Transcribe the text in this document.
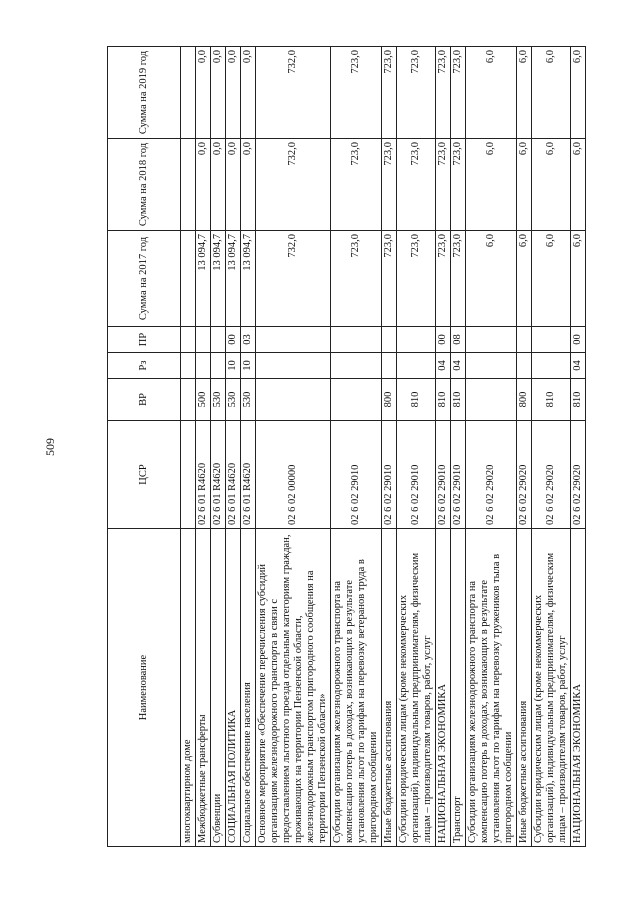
509
Наименование	ЦСР	ВР	Рз	ПР	Сумма на 2017 год	Сумма на 2018 год	Сумма на 2019 год
многоквартирном доме							
Межбюджетные трансферты	02 6 01 R4620	500			13 094,7	0,0	0,0
Субвенции	02 6 01 R4620	530			13 094,7	0,0	0,0
СОЦИАЛЬНАЯ ПОЛИТИКА	02 6 01 R4620	530	10	00	13 094,7	0,0	0,0
Социальное обеспечение населения	02 6 01 R4620	530	10	03	13 094,7	0,0	0,0
Основное мероприятие «Обеспечение перечисления субсидий организациям железнодорожного транспорта в связи с предоставлением льготного проезда отдельным категориям граждан, проживающих на территории Пензенской области, железнодорожным транспортом пригородного сообщения на территории Пензенской области»	02 6 02 00000				732,0	732,0	732,0
Субсидии организациям железнодорожного транспорта на компенсацию потерь в доходах, возникающих в результате установления льгот по тарифам на перевозку ветеранов труда в пригородном сообщении	02 6 02 29010				723,0	723,0	723,0
Иные бюджетные ассигнования	02 6 02 29010	800			723,0	723,0	723,0
Субсидии юридическим лицам (кроме некоммерческих организаций), индивидуальным предпринимателям, физическим лицам – производителям товаров, работ, услуг	02 6 02 29010	810			723,0	723,0	723,0
НАЦИОНАЛЬНАЯ ЭКОНОМИКА	02 6 02 29010	810	04	00	723,0	723,0	723,0
Транспорт	02 6 02 29010	810	04	08	723,0	723,0	723,0
Субсидии организациям железнодорожного транспорта на компенсацию потерь в доходах, возникающих в результате установления льгот по тарифам на перевозку тружеников тыла в пригородном сообщении	02 6 02 29020				6,0	6,0	6,0
Иные бюджетные ассигнования	02 6 02 29020	800			6,0	6,0	6,0
Субсидии юридическим лицам (кроме некоммерческих организаций), индивидуальным предпринимателям, физическим лицам – производителям товаров, работ, услуг	02 6 02 29020	810			6,0	6,0	6,0
НАЦИОНАЛЬНАЯ ЭКОНОМИКА	02 6 02 29020	810	04	00	6,0	6,0	6,0
